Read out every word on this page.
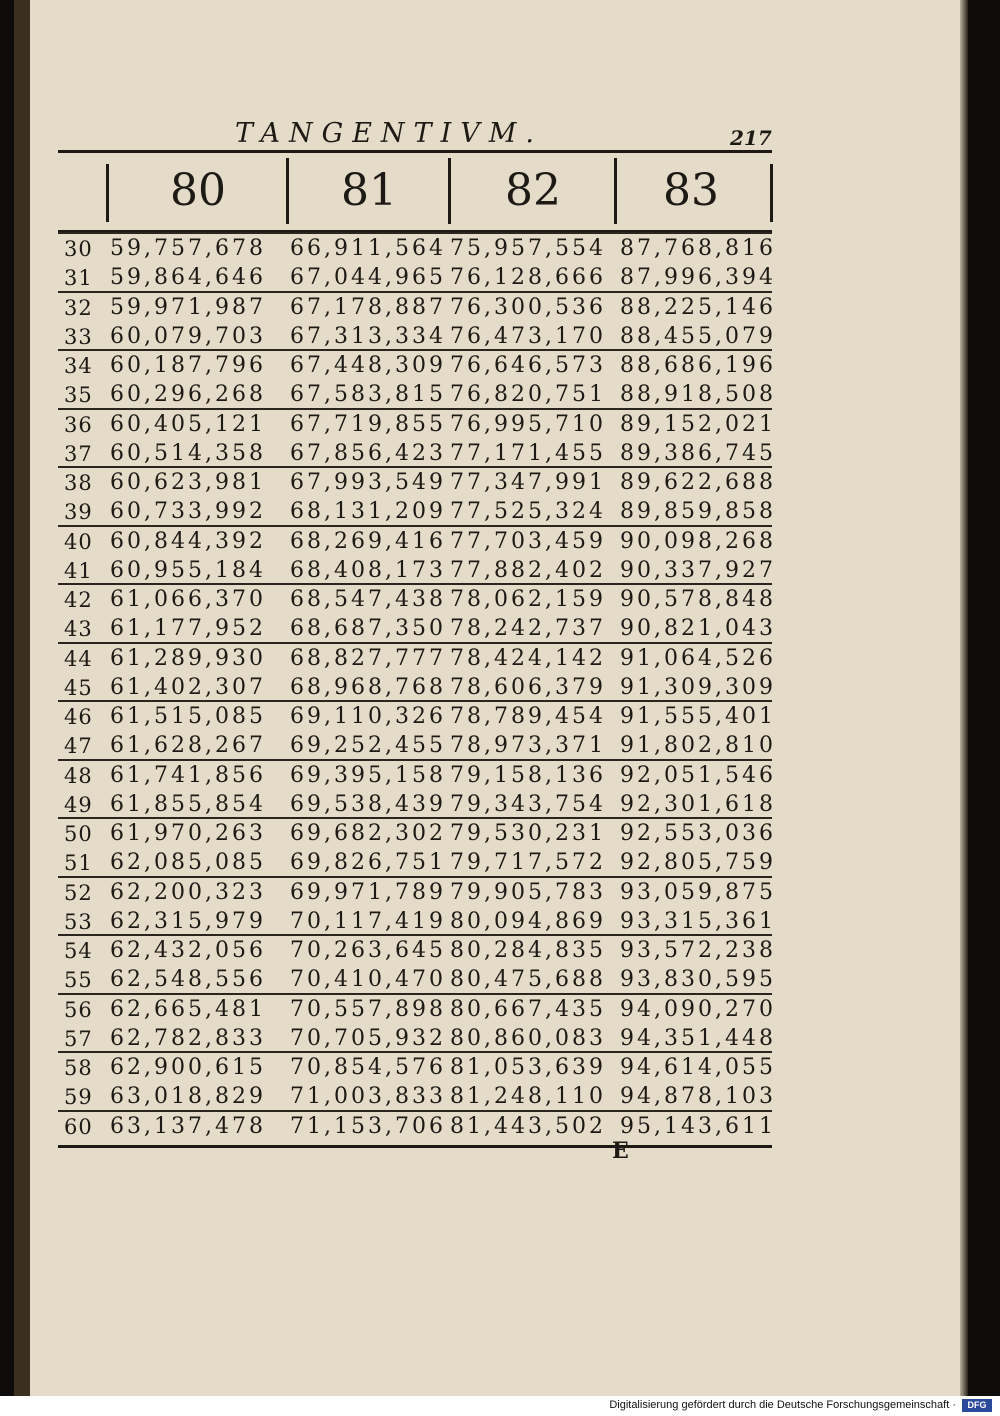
TANGENTIVM.	217
80	81	82	83
30 59,757,678 66,911,564 75,957,554 87,768,816
31 59,864,646 67,044,965 76,128,666 87,996,394
32 59,971,987 67,178,887 76,300,536 88,225,146
33 60,079,703 67,313,334 76,473,170 88,455,079
34 60,187,796 67,448,309 76,646,573 88,686,196
35 60,296,268 67,583,815 76,820,751 88,918,508
36 60,405,121 67,719,855 76,995,710 89,152,021
37 60,514,358 67,856,423 77,171,455 89,386,745
38 60,623,981 67,993,549 77,347,991 89,622,688
39 60,733,992 68,131,209 77,525,324 89,859,858
40 60,844,392 68,269,416 77,703,459 90,098,268
41 60,955,184 68,408,173 77,882,402 90,337,927
42 61,066,370 68,547,438 78,062,159 90,578,848
43 61,177,952 68,687,350 78,242,737 90,821,043
44 61,289,930 68,827,777 78,424,142 91,064,526
45 61,402,307 68,968,768 78,606,379 91,309,309
46 61,515,085 69,110,326 78,789,454 91,555,401
47 61,628,267 69,252,455 78,973,371 91,802,810
48 61,741,856 69,395,158 79,158,136 92,051,546
49 61,855,854 69,538,439 79,343,754 92,301,618
50 61,970,263 69,682,302 79,530,231 92,553,036
51 62,085,085 69,826,751 79,717,572 92,805,759
52 62,200,323 69,971,789 79,905,783 93,059,875
53 62,315,979 70,117,419 80,094,869 93,315,361
54 62,432,056 70,263,645 80,284,835 93,572,238
55 62,548,556 70,410,470 80,475,688 93,830,595
56 62,665,481 70,557,898 80,667,435 94,090,270
57 62,782,833 70,705,932 80,860,083 94,351,448
58 62,900,615 70,854,576 81,053,639 94,614,055
59 63,018,829 71,003,833 81,248,110 94,878,103
60 63,137,478 71,153,706 81,443,502 95,143,611
E
Digitalisierung gefördert durch die Deutsche Forschungsgemeinschaft ·	DFG
